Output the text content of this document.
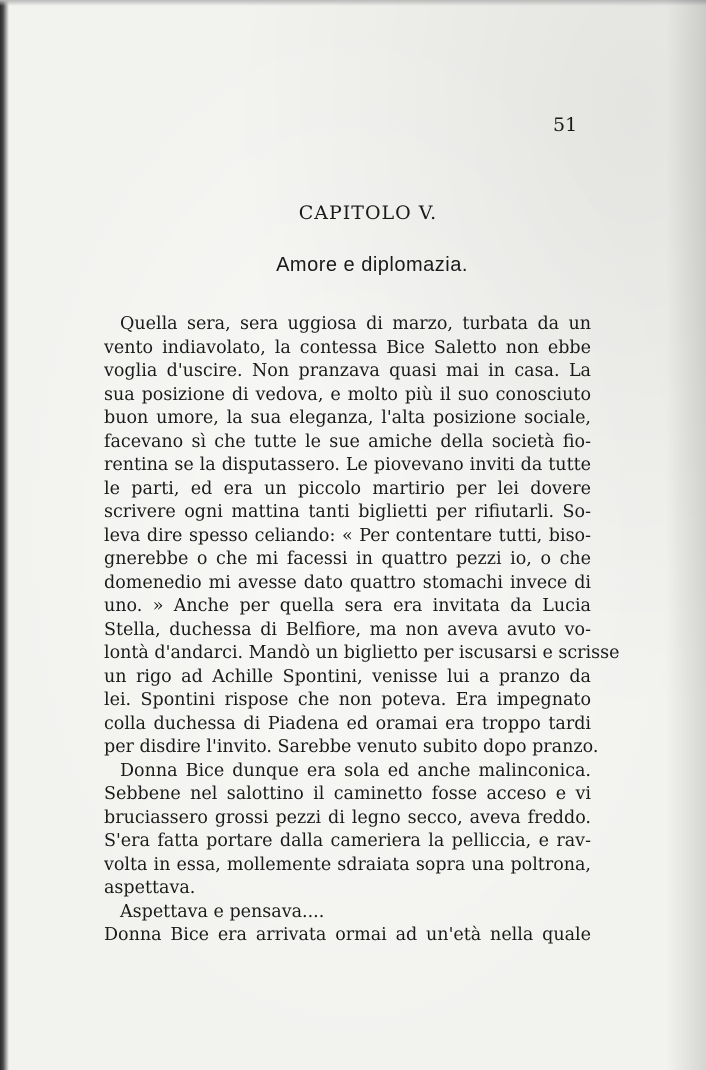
51
CAPITOLO V.
Amore e diplomazia.
Quella sera, sera uggiosa di marzo, turbata da un
vento indiavolato, la contessa Bice Saletto non ebbe
voglia d'uscire. Non pranzava quasi mai in casa. La
sua posizione di vedova, e molto più il suo conosciuto
buon umore, la sua eleganza, l'alta posizione sociale,
facevano sì che tutte le sue amiche della società fio-
rentina se la disputassero. Le piovevano inviti da tutte
le parti, ed era un piccolo martirio per lei dovere
scrivere ogni mattina tanti biglietti per rifiutarli. So-
leva dire spesso celiando: « Per contentare tutti, biso-
gnerebbe o che mi facessi in quattro pezzi io, o che
domenedio mi avesse dato quattro stomachi invece di
uno. » Anche per quella sera era invitata da Lucia
Stella, duchessa di Belfiore, ma non aveva avuto vo-
lontà d'andarci. Mandò un biglietto per iscusarsi e scrisse
un rigo ad Achille Spontini, venisse lui a pranzo da
lei. Spontini rispose che non poteva. Era impegnato
colla duchessa di Piadena ed oramai era troppo tardi
per disdire l'invito. Sarebbe venuto subito dopo pranzo.
Donna Bice dunque era sola ed anche malinconica.
Sebbene nel salottino il caminetto fosse acceso e vi
bruciassero grossi pezzi di legno secco, aveva freddo.
S'era fatta portare dalla cameriera la pelliccia, e rav-
volta in essa, mollemente sdraiata sopra una poltrona,
aspettava.
Aspettava e pensava....
Donna Bice era arrivata ormai ad un'età nella quale
